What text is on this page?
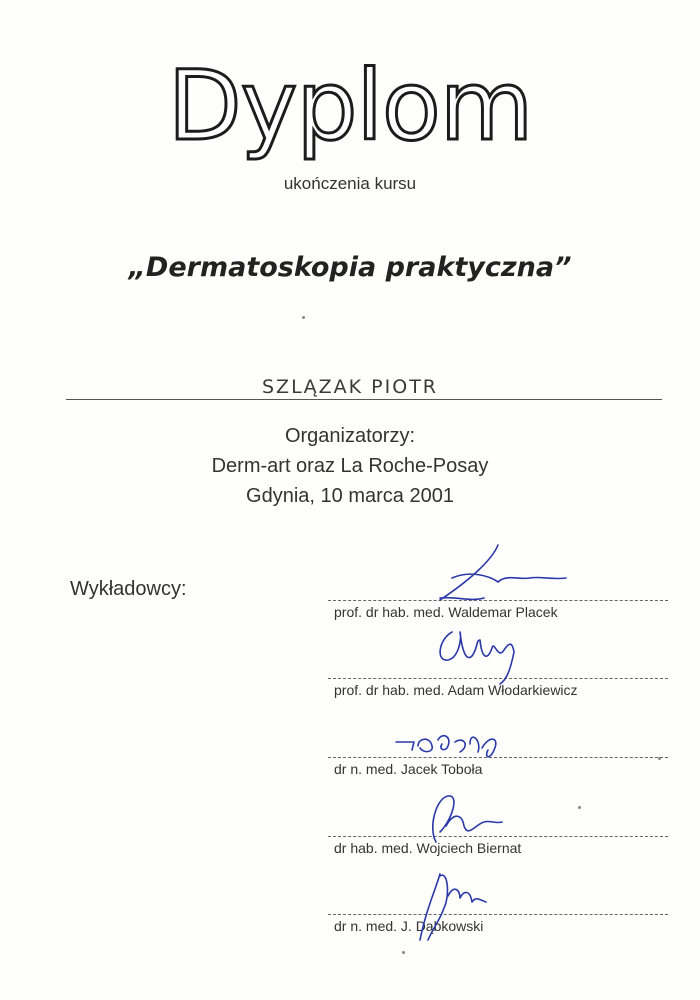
Dyplom
ukończenia kursu
„Dermatoskopia praktyczna”
SZLĄZAK PIOTR
Organizatorzy:
Derm-art oraz La Roche-Posay
Gdynia, 10 marca 2001
Wykładowcy:
prof. dr hab. med. Waldemar Placek
prof. dr hab. med. Adam Włodarkiewicz
dr n. med. Jacek Toboła
dr hab. med. Wojciech Biernat
dr n. med. J. Dąbkowski
